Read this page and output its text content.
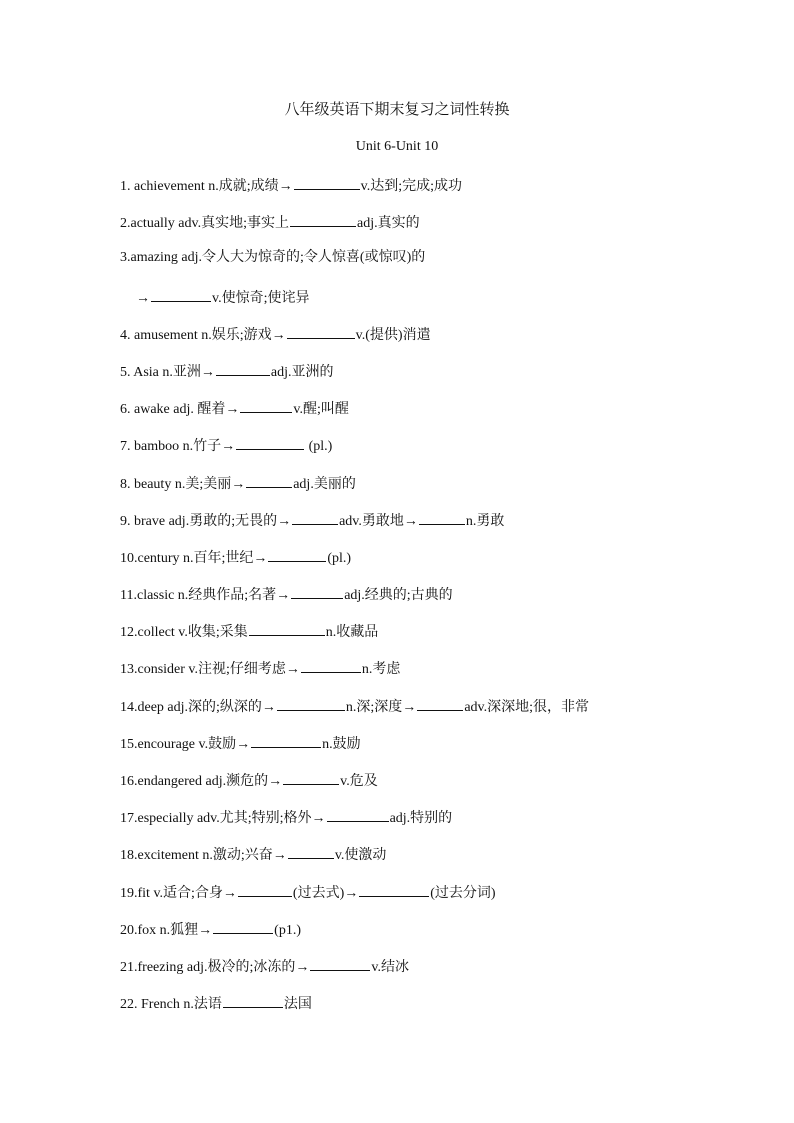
八年级英语下期末复习之词性转换
Unit 6-Unit 10
1. achievement n.成就;成绩→	v.达到;完成;成功
2.actually adv.真实地;事实上	adj.真实的
3.amazing adj.令人大为惊奇的;令人惊喜(或惊叹)的
→	v.使惊奇;使诧异
4. amusement n.娱乐;游戏→	v.(提供)消遣
5. Asia n.亚洲→	adj.亚洲的
6. awake adj. 醒着→	v.醒;叫醒
7. bamboo n.竹子→	(pl.)
8. beauty n.美;美丽→	adj.美丽的
9. brave adj.勇敢的;无畏的→	adv.勇敢地→	n.勇敢
10.century n.百年;世纪→	(pl.)
11.classic n.经典作品;名著→	adj.经典的;古典的
12.collect v.收集;采集	n.收藏品
13.consider v.注视;仔细考虑→	n.考虑
14.deep adj.深的;纵深的→	n.深;深度→	adv.深深地;很，非常
15.encourage v.鼓励→	n.鼓励
16.endangered adj.濒危的→	v.危及
17.especially adv.尤其;特别;格外→	adj.特别的
18.excitement n.激动;兴奋→	v.使激动
19.fit v.适合;合身→	(过去式)→	(过去分词)
20.fox n.狐狸→	(p1.)
21.freezing adj.极冷的;冰冻的→	v.结冰
22. French n.法语	法国
